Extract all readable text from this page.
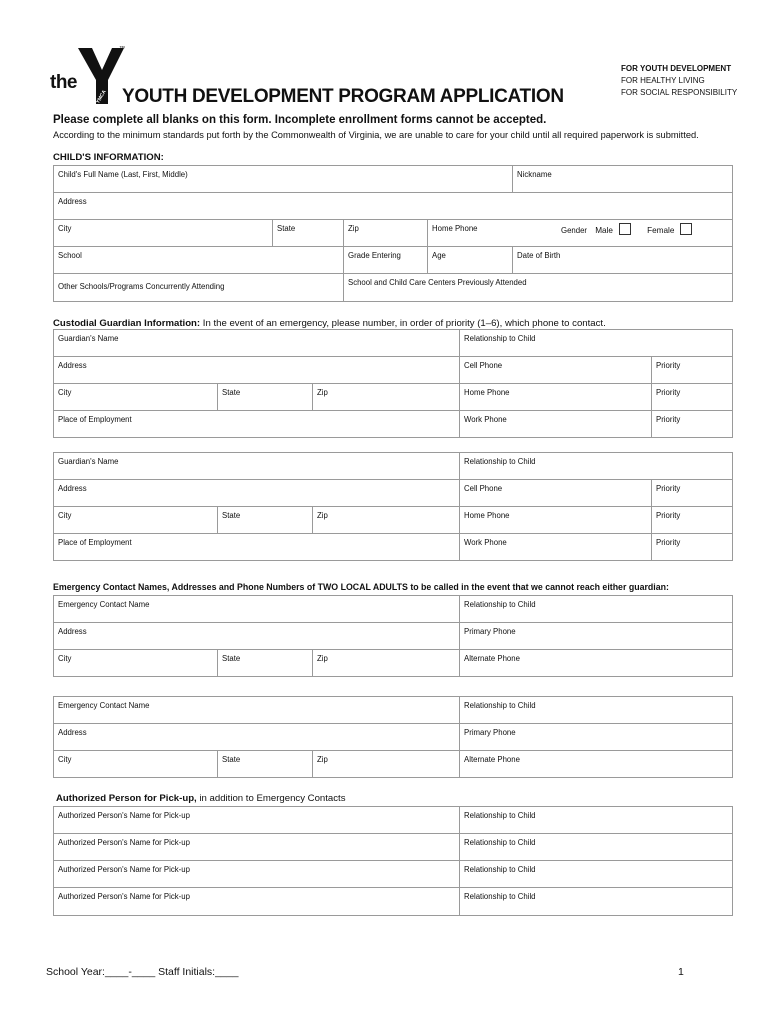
the
™
YMCA YOUTH DEVELOPMENT PROGRAM APPLICATION
FOR YOUTH DEVELOPMENT
FOR HEALTHY LIVING
FOR SOCIAL RESPONSIBILITY
Please complete all blanks on this form. Incomplete enrollment forms cannot be accepted.
According to the minimum standards put forth by the Commonwealth of Virginia, we are unable to care for your child until all required paperwork is submitted.
CHILD'S INFORMATION:
Child's Full Name (Last, First, Middle)				Nickname
Address				
City	State	Zip	Home Phone Gender Male Female	

School		Grade Entering	Age	Date of Birth
Other Schools/Programs Concurrently Attending		School and Child Care Centers Previously Attended		
Custodial Guardian Information: In the event of an emergency, please number, in order of priority (1–6), which phone to contact.
Guardian's Name			Relationship to Child	
Address			Cell Phone	Priority
City	State	Zip	Home Phone	Priority
Place of Employment			Work Phone	Priority
Guardian's Name			Relationship to Child	
Address			Cell Phone	Priority
City	State	Zip	Home Phone	Priority
Place of Employment			Work Phone	Priority
Emergency Contact Names, Addresses and Phone Numbers of TWO LOCAL ADULTS to be called in the event that we cannot reach either guardian:
Emergency Contact Name			Relationship to Child
Address			Primary Phone
City	State	Zip	Alternate Phone
Emergency Contact Name			Relationship to Child
Address			Primary Phone
City	State	Zip	Alternate Phone
Authorized Person for Pick-up, in addition to Emergency Contacts
Authorized Person's Name for Pick-up	Relationship to Child
Authorized Person's Name for Pick-up	Relationship to Child
Authorized Person's Name for Pick-up	Relationship to Child
Authorized Person's Name for Pick-up	Relationship to Child
School Year:____-____ Staff Initials:____	1
